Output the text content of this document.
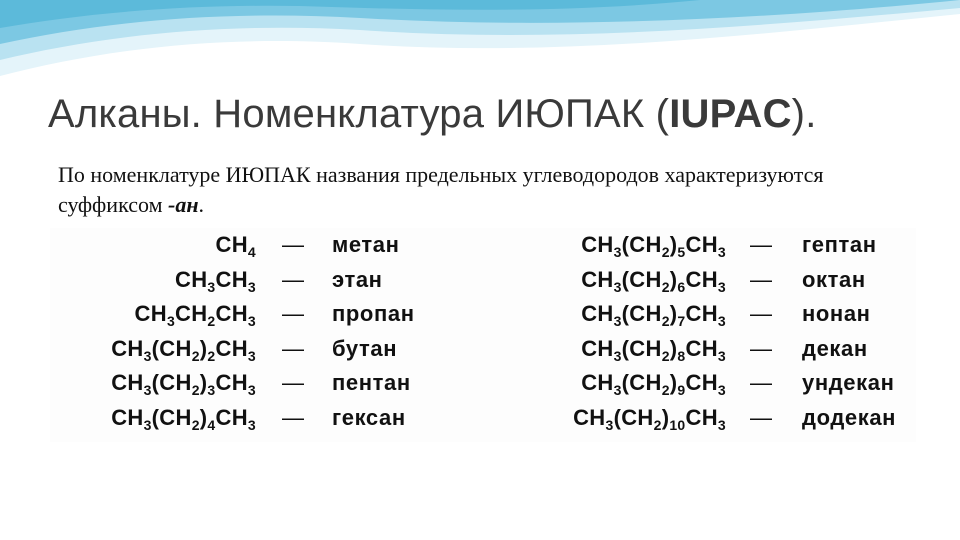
Алканы. Номенклатура ИЮПАК (IUPAC).
По номенклатуре ИЮПАК названия предельных углеводородов характеризуются суффиксом -ан.
$CH_4$ — метан
$CH_3CH_3$ — этан
$CH_3CH_2CH_3$ — пропан
$CH_3(CH_2)_2CH_3$ — бутан
$CH_3(CH_2)_3CH_3$ — пентан
$CH_3(CH_2)_4CH_3$ — гексан
$CH_3(CH_2)_5CH_3$ — гептан
$CH_3(CH_2)_6CH_3$ — октан
$CH_3(CH_2)_7CH_3$ — нонан
$CH_3(CH_2)_8CH_3$ — декан
$CH_3(CH_2)_9CH_3$ — ундекан
$CH_3(CH_2)_{10}CH_3$ — додекан
